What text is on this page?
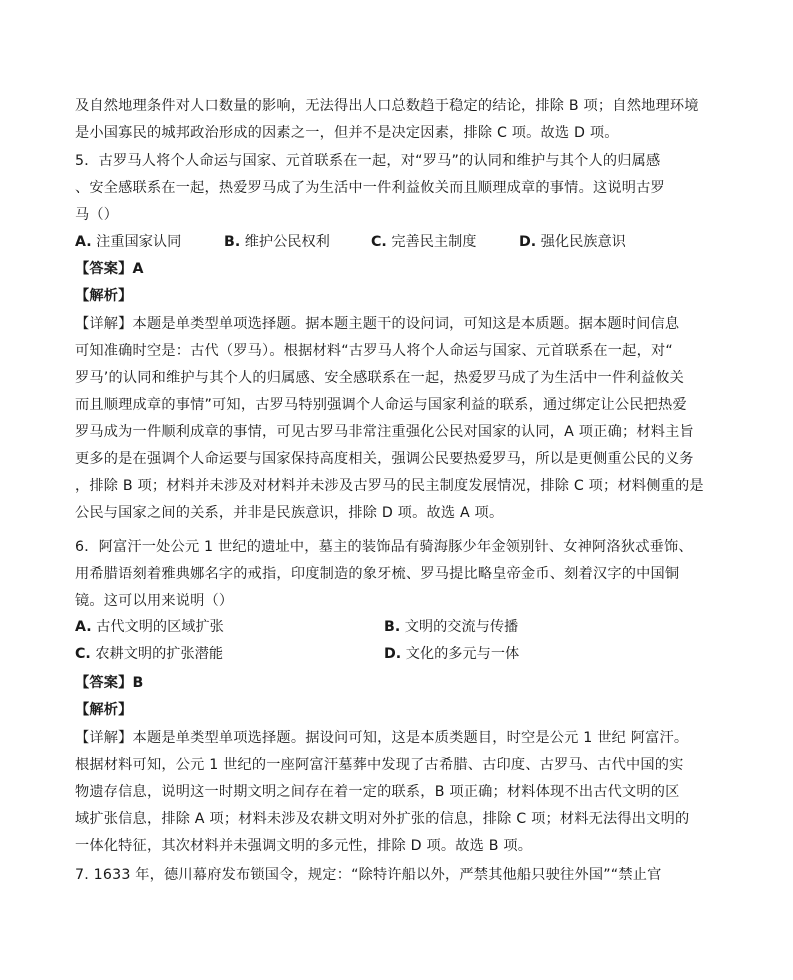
及自然地理条件对人口数量的影响，无法得出人口总数趋于稳定的结论，排除 B 项；自然地理环境
是小国寡民的城邦政治形成的因素之一，但并不是决定因素，排除 C 项。故选 D 项。
5．古罗马人将个人命运与国家、元首联系在一起，对“罗马”的认同和维护与其个人的归属感
、安全感联系在一起，热爱罗马成了为生活中一件利益攸关而且顺理成章的事情。这说明古罗
马（）
A. 注重国家认同	B. 维护公民权利	C. 完善民主制度	D. 强化民族意识
【答案】A
【解析】
【详解】本题是单类型单项选择题。据本题主题干的设问词，可知这是本质题。据本题时间信息
可知准确时空是：古代（罗马）。根据材料“古罗马人将个人命运与国家、元首联系在一起，对“
罗马’的认同和维护与其个人的归属感、安全感联系在一起，热爱罗马成了为生活中一件利益攸关
而且顺理成章的事情”可知，古罗马特别强调个人命运与国家利益的联系，通过绑定让公民把热爱
罗马成为一件顺利成章的事情，可见古罗马非常注重强化公民对国家的认同，A 项正确；材料主旨
更多的是在强调个人命运要与国家保持高度相关，强调公民要热爱罗马，所以是更侧重公民的义务
，排除 B 项；材料并未涉及对材料并未涉及古罗马的民主制度发展情况，排除 C 项；材料侧重的是
公民与国家之间的关系，并非是民族意识，排除 D 项。故选 A 项。
6．阿富汗一处公元 1 世纪的遗址中，墓主的装饰品有骑海豚少年金领别针、女神阿洛狄忒垂饰、
用希腊语刻着雅典娜名字的戒指，印度制造的象牙梳、罗马提比略皇帝金币、刻着汉字的中国铜
镜。这可以用来说明（）
A. 古代文明的区域扩张	B. 文明的交流与传播
C. 农耕文明的扩张潜能	D. 文化的多元与一体
【答案】B
【解析】
【详解】本题是单类型单项选择题。据设问可知，这是本质类题目，时空是公元 1 世纪 阿富汗。
根据材料可知，公元 1 世纪的一座阿富汗墓葬中发现了古希腊、古印度、古罗马、古代中国的实
物遗存信息，说明这一时期文明之间存在着一定的联系，B 项正确；材料体现不出古代文明的区
域扩张信息，排除 A 项；材料未涉及农耕文明对外扩张的信息，排除 C 项；材料无法得出文明的
一体化特征，其次材料并未强调文明的多元性，排除 D 项。故选 B 项。
7. 1633 年，德川幕府发布锁国令，规定：“除特许船以外，严禁其他船只驶往外国”“禁止官
